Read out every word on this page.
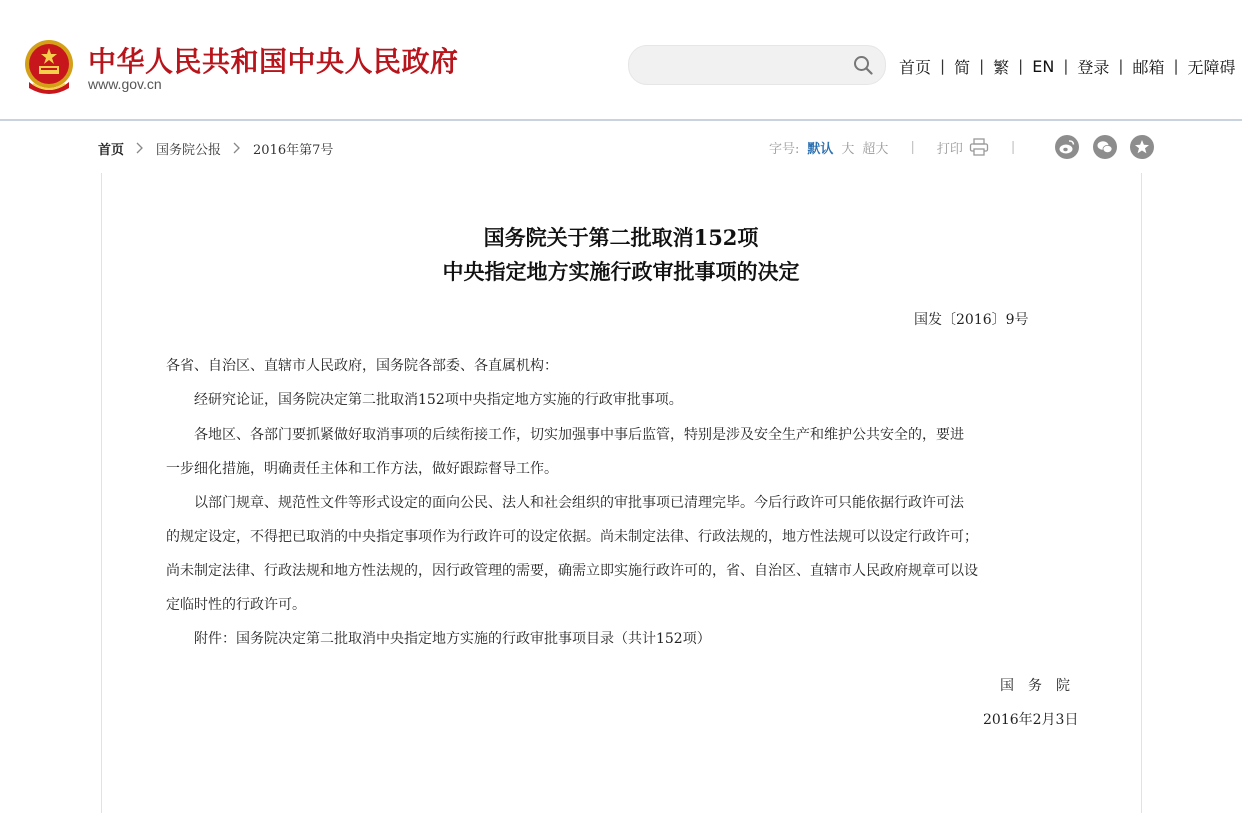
中华人民共和国中央人民政府
www.gov.cn
首页 | 简 | 繁 | EN | 登录 | 邮箱 | 无障碍
首页 国务院公报 2016年第7号	字号: 默认 大 超大 | 打印	|
国务院关于第二批取消152项
中央指定地方实施行政审批事项的决定
国发〔2016〕9号
各省、自治区、直辖市人民政府，国务院各部委、各直属机构：
　　经研究论证，国务院决定第二批取消152项中央指定地方实施的行政审批事项。
　　各地区、各部门要抓紧做好取消事项的后续衔接工作，切实加强事中事后监管，特别是涉及安全生产和维护公共安全的，要进
一步细化措施，明确责任主体和工作方法，做好跟踪督导工作。
　　以部门规章、规范性文件等形式设定的面向公民、法人和社会组织的审批事项已清理完毕。今后行政许可只能依据行政许可法
的规定设定，不得把已取消的中央指定事项作为行政许可的设定依据。尚未制定法律、行政法规的，地方性法规可以设定行政许可；
尚未制定法律、行政法规和地方性法规的，因行政管理的需要，确需立即实施行政许可的，省、自治区、直辖市人民政府规章可以设
定临时性的行政许可。
　　附件：国务院决定第二批取消中央指定地方实施的行政审批事项目录（共计152项）
国　务　院
2016年2月3日
